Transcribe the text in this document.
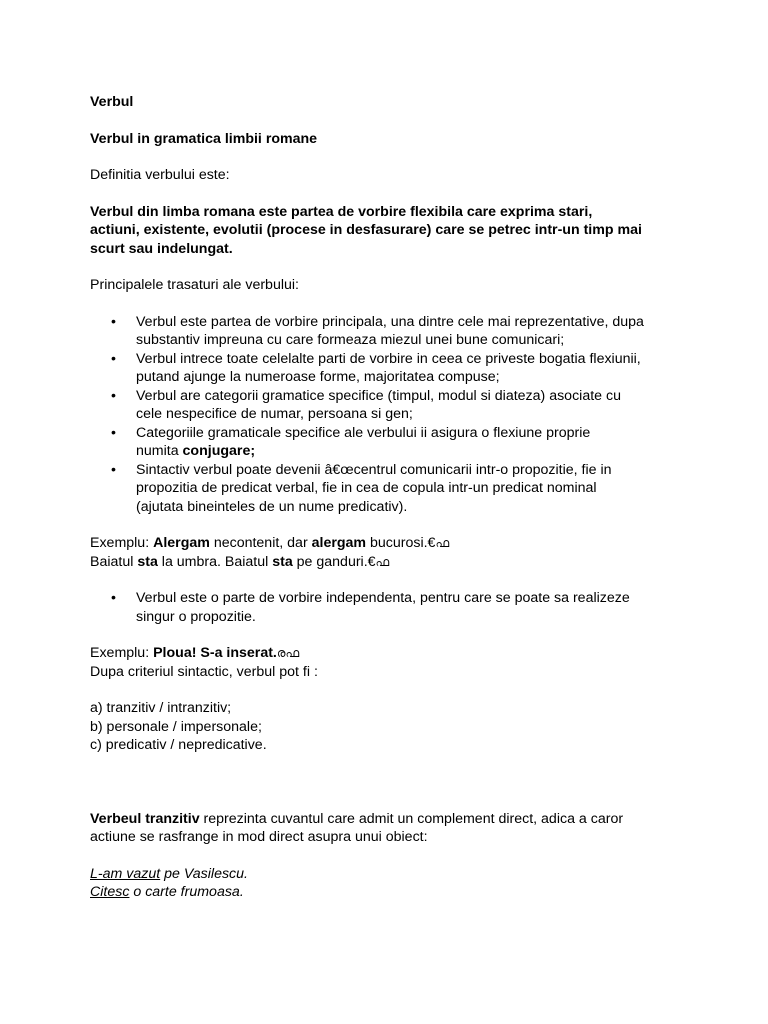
Verbul

Verbul in gramatica limbii romane

Definitia verbului este:

Verbul din limba romana este partea de vorbire flexibila care exprima stari,

actiuni, existente, evolutii (procese in desfasurare) care se petrec intr-un timp mai

scurt sau indelungat.

Principalele trasaturi ale verbului:

• Verbul este partea de vorbire principala, una dintre cele mai reprezentative, dupa
substantiv impreuna cu care formeaza miezul unei bune comunicari;
• Verbul intrece toate celelalte parti de vorbire in ceea ce priveste bogatia flexiunii,
putand ajunge la numeroase forme, majoritatea compuse;
• Verbul are categorii gramatice specifice (timpul, modul si diateza) asociate cu
cele nespecifice de numar, persoana si gen;
• Categoriile gramaticale specifice ale verbului ii asigura o flexiune proprie
numita conjugare;
• Sintactiv verbul poate devenii â€œcentrul comunicarii intr-o propozitie, fie in
propozitia de predicat verbal, fie in cea de copula intr-un predicat nominal
(ajutata bineinteles de un nume predicativ).

Exemplu: Alergam necontenit, dar alergam bucurosi.€ഫ

Baiatul sta la umbra. Baiatul sta pe ganduri.€ഫ

• Verbul este o parte de vorbire independenta, pentru care se poate sa realizeze
singur o propozitie.

Exemplu: Ploua! S-a inserat.രഫ

Dupa criteriul sintactic, verbul pot fi :

a) tranzitiv / intranzitiv;

b) personale / impersonale;

c) predicativ / nepredicative.

Verbeul tranzitiv reprezinta cuvantul care admit un complement direct, adica a caror

actiune se rasfrange in mod direct asupra unui obiect:

L-am vazut pe Vasilescu.

Citesc o carte frumoasa.
